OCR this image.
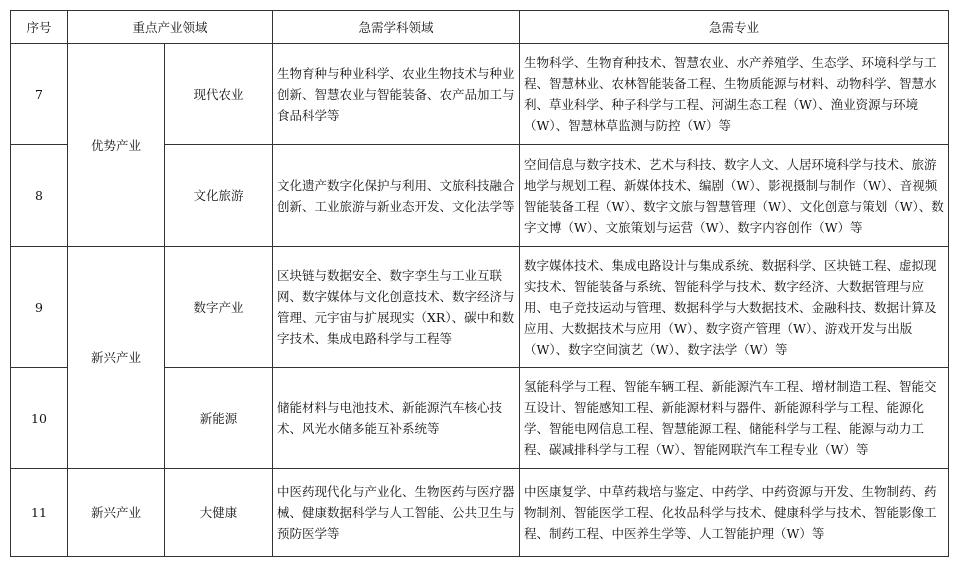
序号	重点产业领域		急需学科领域	急需专业
7	优势产业	现代农业	生物育种与种业科学、农业生物技术与种业创新、智慧农业与智能装备、农产品加工与食品科学等	生物科学、生物育种技术、智慧农业、水产养殖学、生态学、环境科学与工程、智慧林业、农林智能装备工程、生物质能源与材料、动物科学、智慧水利、草业科学、种子科学与工程、河湖生态工程（W）、渔业资源与环境（W）、智慧林草监测与防控（W）等
8		文化旅游	文化遗产数字化保护与利用、文旅科技融合创新、工业旅游与新业态开发、文化法学等	空间信息与数字技术、艺术与科技、数字人文、人居环境科学与技术、旅游地学与规划工程、新媒体技术、编剧（W）、影视摄制与制作（W）、音视频智能装备工程（W）、数字文旅与智慧管理（W）、文化创意与策划（W）、数字文博（W）、文旅策划与运营（W）、数字内容创作（W）等
9	新兴产业	数字产业	区块链与数据安全、数字孪生与工业互联网、数字媒体与文化创意技术、数字经济与管理、元宇宙与扩展现实（XR）、碳中和数字技术、集成电路科学与工程等	数字媒体技术、集成电路设计与集成系统、数据科学、区块链工程、虚拟现实技术、智能装备与系统、智能科学与技术、数字经济、大数据管理与应用、电子竞技运动与管理、数据科学与大数据技术、金融科技、数据计算及应用、大数据技术与应用（W）、数字资产管理（W）、游戏开发与出版（W）、数字空间演艺（W）、数字法学（W）等
10		新能源	储能材料与电池技术、新能源汽车核心技术、风光水储多能互补系统等	氢能科学与工程、智能车辆工程、新能源汽车工程、增材制造工程、智能交互设计、智能感知工程、新能源材料与器件、新能源科学与工程、能源化学、智能电网信息工程、智慧能源工程、储能科学与工程、能源与动力工程、碳减排科学与工程（W）、智能网联汽车工程专业（W）等
11	新兴产业	大健康	中医药现代化与产业化、生物医药与医疗器械、健康数据科学与人工智能、公共卫生与预防医学等	中医康复学、中草药栽培与鉴定、中药学、中药资源与开发、生物制药、药物制剂、智能医学工程、化妆品科学与技术、健康科学与技术、智能影像工程、制药工程、中医养生学等、人工智能护理（W）等
